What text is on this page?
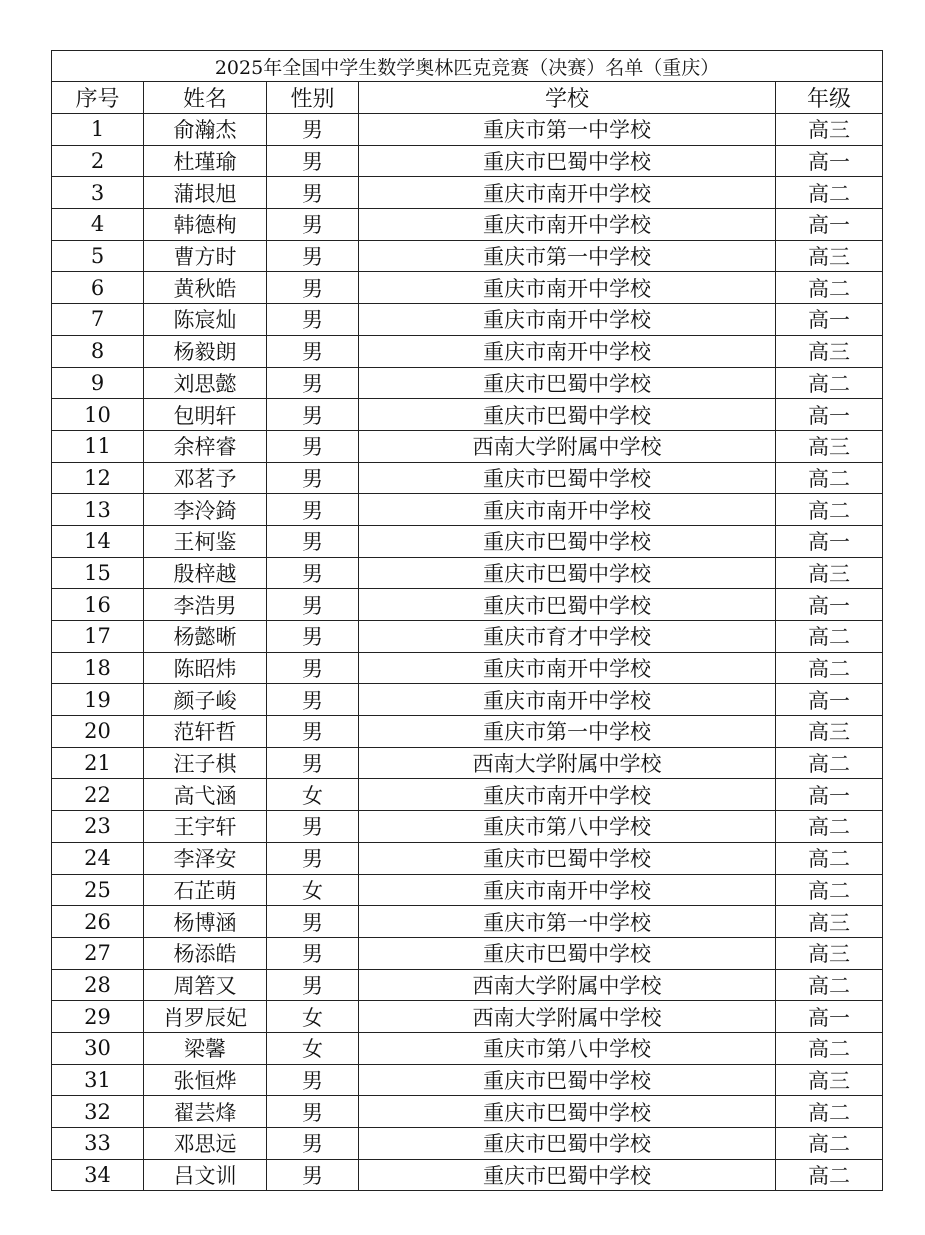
2025年全国中学生数学奥林匹克竞赛（决赛）名单（重庆）				
序号	姓名	性别	学校	年级
1	俞瀚杰	男	重庆市第一中学校	高三
2	杜瑾瑜	男	重庆市巴蜀中学校	高一
3	蒲垠旭	男	重庆市南开中学校	高二
4	韩德栒	男	重庆市南开中学校	高一
5	曹方时	男	重庆市第一中学校	高三
6	黄秋皓	男	重庆市南开中学校	高二
7	陈宸灿	男	重庆市南开中学校	高一
8	杨毅朗	男	重庆市南开中学校	高三
9	刘思懿	男	重庆市巴蜀中学校	高二
10	包明轩	男	重庆市巴蜀中学校	高一
11	余梓睿	男	西南大学附属中学校	高三
12	邓茗予	男	重庆市巴蜀中学校	高二
13	李泠錡	男	重庆市南开中学校	高二
14	王柯鉴	男	重庆市巴蜀中学校	高一
15	殷梓越	男	重庆市巴蜀中学校	高三
16	李浩男	男	重庆市巴蜀中学校	高一
17	杨懿晰	男	重庆市育才中学校	高二
18	陈昭炜	男	重庆市南开中学校	高二
19	颜子峻	男	重庆市南开中学校	高一
20	范轩哲	男	重庆市第一中学校	高三
21	汪子棋	男	西南大学附属中学校	高二
22	高弋涵	女	重庆市南开中学校	高一
23	王宇轩	男	重庆市第八中学校	高二
24	李泽安	男	重庆市巴蜀中学校	高二
25	石芷萌	女	重庆市南开中学校	高二
26	杨博涵	男	重庆市第一中学校	高三
27	杨添皓	男	重庆市巴蜀中学校	高三
28	周箬又	男	西南大学附属中学校	高二
29	肖罗辰妃	女	西南大学附属中学校	高一
30	梁馨	女	重庆市第八中学校	高二
31	张恒烨	男	重庆市巴蜀中学校	高三
32	翟芸烽	男	重庆市巴蜀中学校	高二
33	邓思远	男	重庆市巴蜀中学校	高二
34	吕文训	男	重庆市巴蜀中学校	高二
